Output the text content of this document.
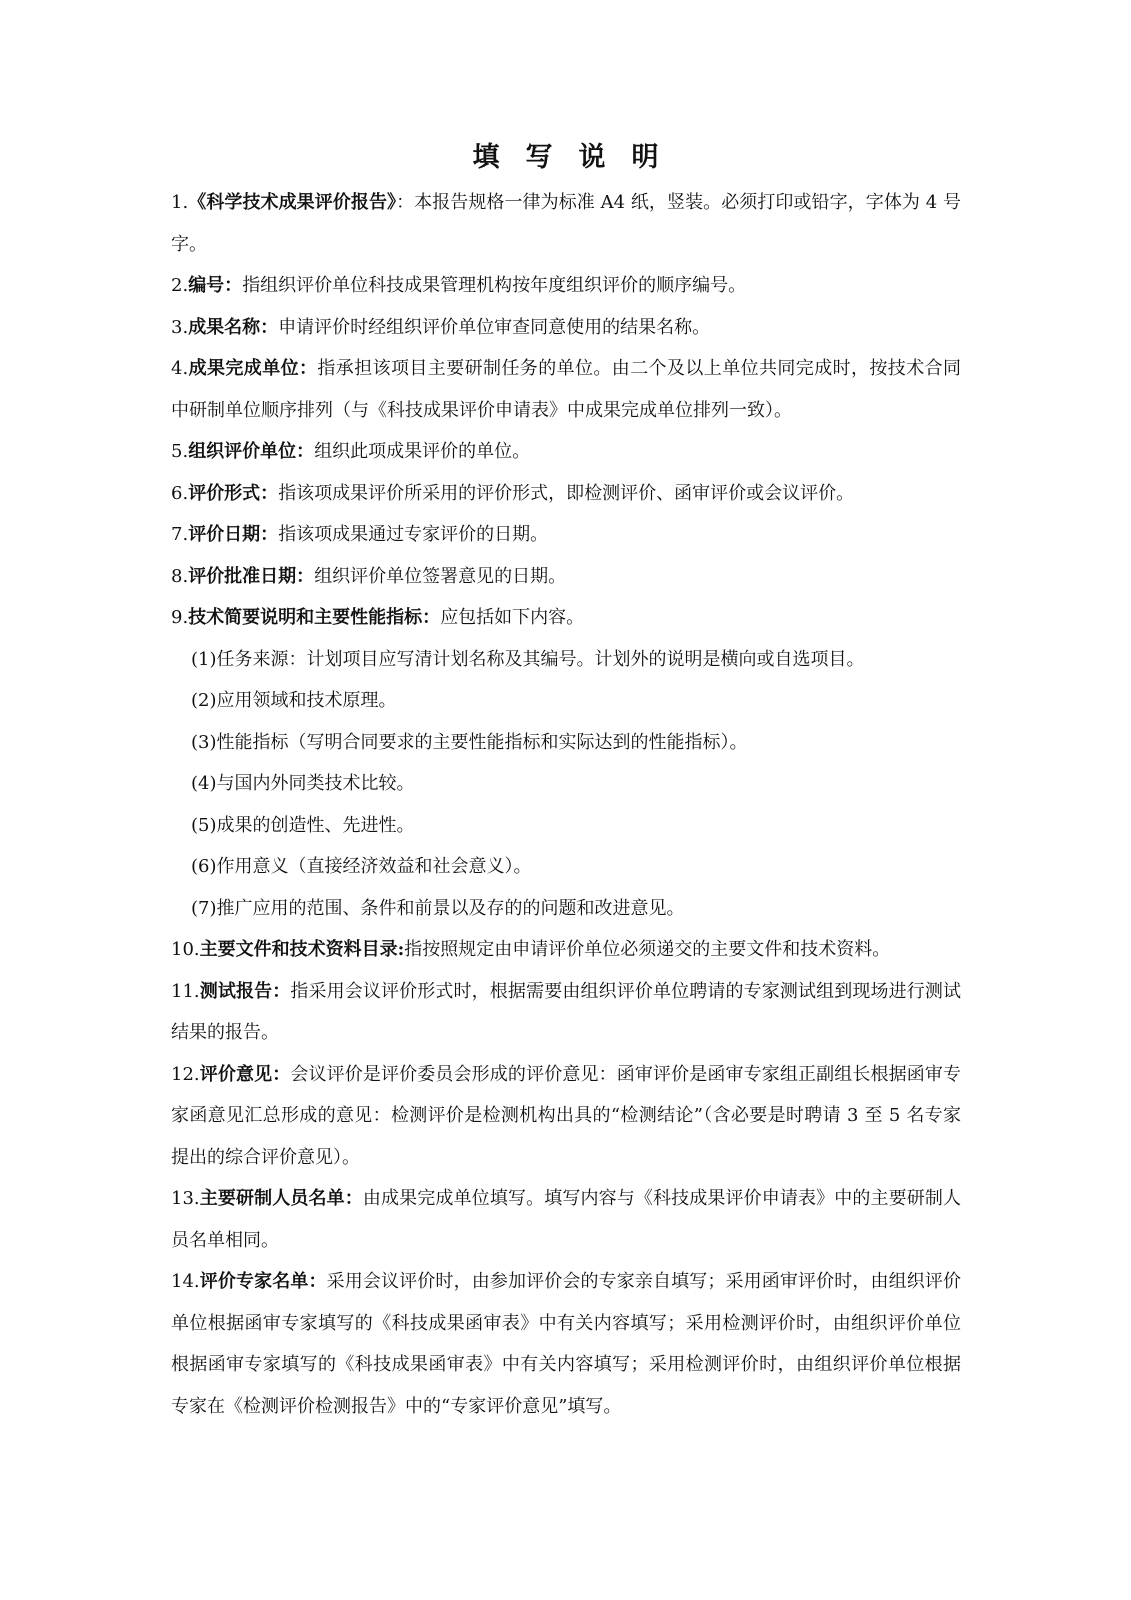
填写说明

1.《科学技术成果评价报告》：本报告规格一律为标准 A4 纸，竖装。必须打印或铅字，字体为 4 号字。

2.编号：指组织评价单位科技成果管理机构按年度组织评价的顺序编号。

3.成果名称：申请评价时经组织评价单位审查同意使用的结果名称。

4.成果完成单位：指承担该项目主要研制任务的单位。由二个及以上单位共同完成时，按技术合同中研制单位顺序排列（与《科技成果评价申请表》中成果完成单位排列一致）。

5.组织评价单位：组织此项成果评价的单位。

6.评价形式：指该项成果评价所采用的评价形式，即检测评价、函审评价或会议评价。

7.评价日期：指该项成果通过专家评价的日期。

8.评价批准日期：组织评价单位签署意见的日期。

9.技术简要说明和主要性能指标：应包括如下内容。

(1)任务来源：计划项目应写清计划名称及其编号。计划外的说明是横向或自选项目。

(2)应用领域和技术原理。

(3)性能指标（写明合同要求的主要性能指标和实际达到的性能指标）。

(4)与国内外同类技术比较。

(5)成果的创造性、先进性。

(6)作用意义（直接经济效益和社会意义）。

(7)推广应用的范围、条件和前景以及存的的问题和改进意见。

10.主要文件和技术资料目录:指按照规定由申请评价单位必须递交的主要文件和技术资料。

11.测试报告：指采用会议评价形式时，根据需要由组织评价单位聘请的专家测试组到现场进行测试结果的报告。

12.评价意见：会议评价是评价委员会形成的评价意见：函审评价是函审专家组正副组长根据函审专家函意见汇总形成的意见：检测评价是检测机构出具的“检测结论”（含必要是时聘请 3 至 5 名专家提出的综合评价意见）。

13.主要研制人员名单：由成果完成单位填写。填写内容与《科技成果评价申请表》中的主要研制人员名单相同。

14.评价专家名单：采用会议评价时，由参加评价会的专家亲自填写；采用函审评价时，由组织评价单位根据函审专家填写的《科技成果函审表》中有关内容填写；采用检测评价时，由组织评价单位根据函审专家填写的《科技成果函审表》中有关内容填写；采用检测评价时，由组织评价单位根据专家在《检测评价检测报告》中的“专家评价意见”填写。
